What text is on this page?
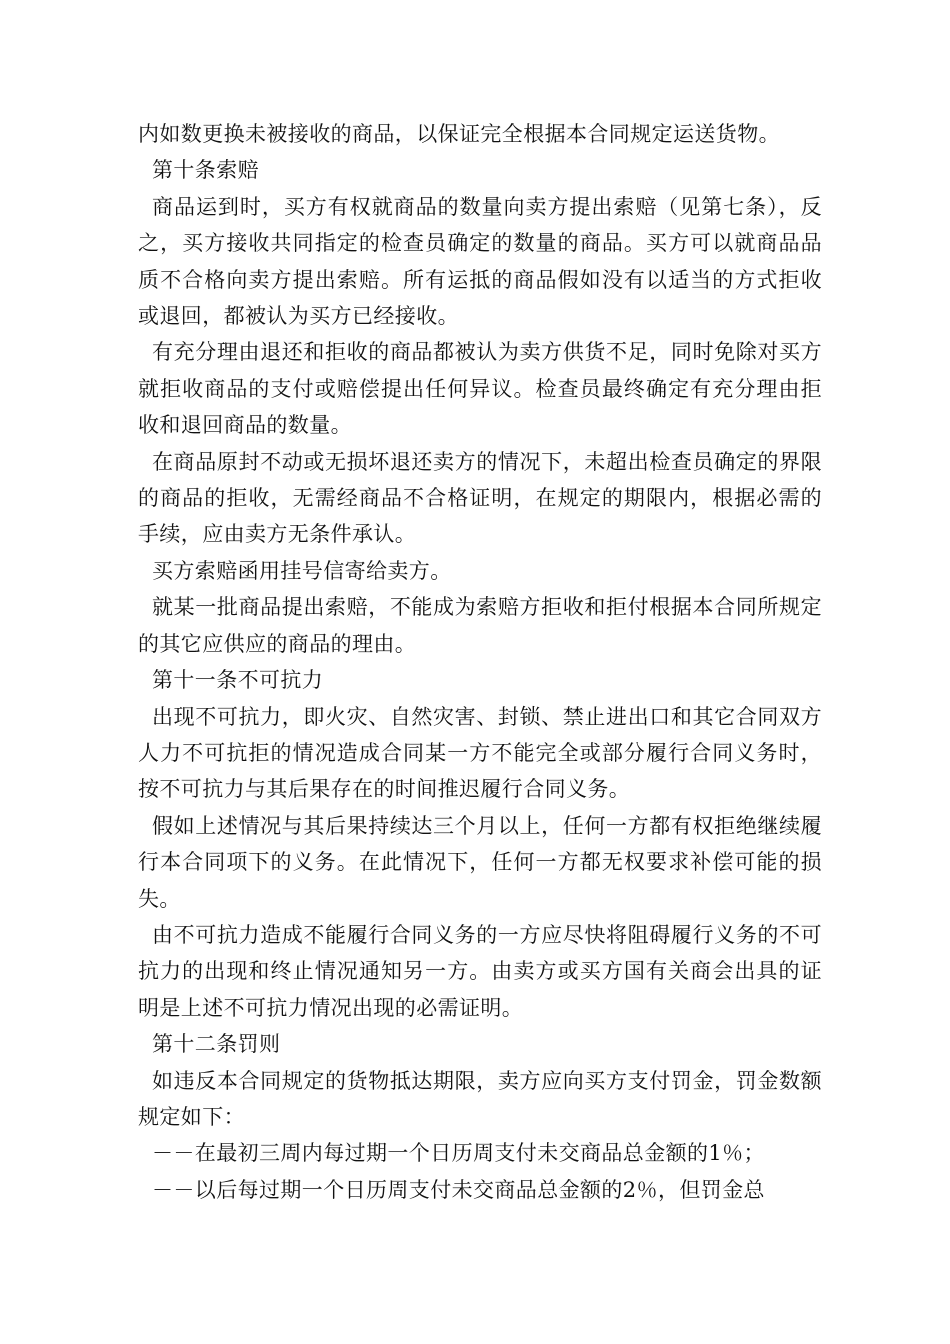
内如数更换未被接收的商品，以保证完全根据本合同规定运送货物。

第十条索赔

商品运到时，买方有权就商品的数量向卖方提出索赔（见第七条），反之，买方接收共同指定的检查员确定的数量的商品。买方可以就商品品质不合格向卖方提出索赔。所有运抵的商品假如没有以适当的方式拒收或退回，都被认为买方已经接收。

有充分理由退还和拒收的商品都被认为卖方供货不足，同时免除对买方就拒收商品的支付或赔偿提出任何异议。检查员最终确定有充分理由拒收和退回商品的数量。

在商品原封不动或无损坏退还卖方的情况下，未超出检查员确定的界限的商品的拒收，无需经商品不合格证明，在规定的期限内，根据必需的手续，应由卖方无条件承认。

买方索赔函用挂号信寄给卖方。

就某一批商品提出索赔，不能成为索赔方拒收和拒付根据本合同所规定的其它应供应的商品的理由。

第十一条不可抗力

出现不可抗力，即火灾、自然灾害、封锁、禁止进出口和其它合同双方人力不可抗拒的情况造成合同某一方不能完全或部分履行合同义务时，按不可抗力与其后果存在的时间推迟履行合同义务。

假如上述情况与其后果持续达三个月以上，任何一方都有权拒绝继续履行本合同项下的义务。在此情况下，任何一方都无权要求补偿可能的损失。

由不可抗力造成不能履行合同义务的一方应尽快将阻碍履行义务的不可抗力的出现和终止情况通知另一方。由卖方或买方国有关商会出具的证明是上述不可抗力情况出现的必需证明。

第十二条罚则

如违反本合同规定的货物抵达期限，卖方应向买方支付罚金，罚金数额规定如下：

－－在最初三周内每过期一个日历周支付未交商品总金额的1％；

－－以后每过期一个日历周支付未交商品总金额的2％，但罚金总
